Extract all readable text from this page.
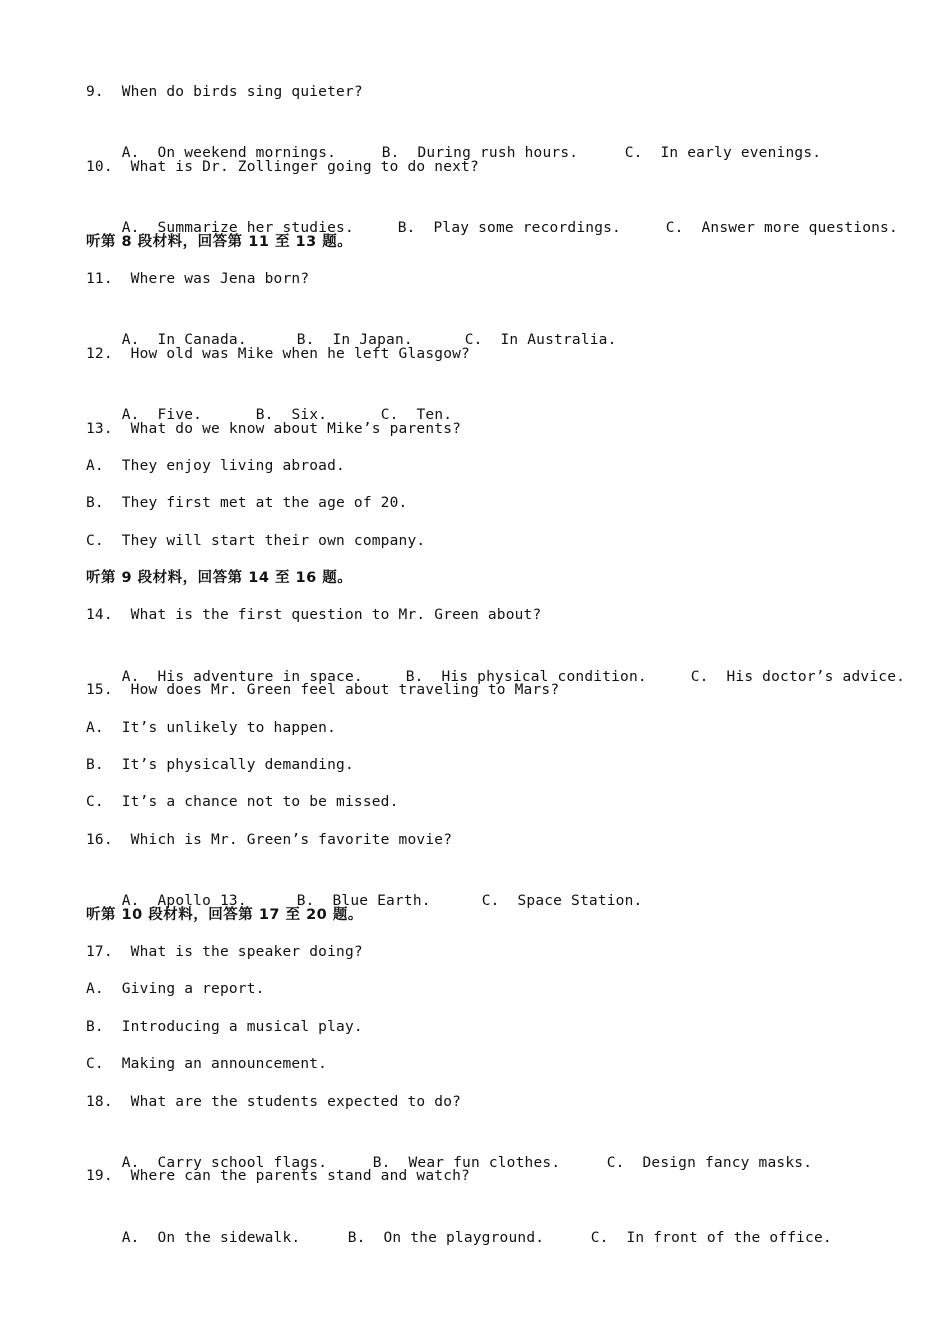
9.  When do birds sing quieter?

A.  On weekend mornings.	B.  During rush hours.	C.  In early evenings.

10.  What is Dr. Zollinger going to do next?

A.  Summarize her studies.	B.  Play some recordings.	C.  Answer more questions.

听第 8 段材料，回答第 11 至 13 题。
11.  Where was Jena born?

A.  In Canada.	B.  In Japan.	C.  In Australia.

12.  How old was Mike when he left Glasgow?

A.  Five.	B.  Six.	C.  Ten.

13.  What do we know about Mike’s parents?
A.  They enjoy living abroad.
B.  They first met at the age of 20.
C.  They will start their own company.
听第 9 段材料，回答第 14 至 16 题。
14.  What is the first question to Mr. Green about?

A.  His adventure in space.	B.  His physical condition.	C.  His doctor’s advice.

15.  How does Mr. Green feel about traveling to Mars?
A.  It’s unlikely to happen.
B.  It’s physically demanding.
C.  It’s a chance not to be missed.
16.  Which is Mr. Green’s favorite movie?

A.  Apollo 13.	B.  Blue Earth.	C.  Space Station.

听第 10 段材料，回答第 17 至 20 题。
17.  What is the speaker doing?
A.  Giving a report.
B.  Introducing a musical play.
C.  Making an announcement.
18.  What are the students expected to do?

A.  Carry school flags.	B.  Wear fun clothes.	C.  Design fancy masks.

19.  Where can the parents stand and watch?

A.  On the sidewalk.	B.  On the playground.	C.  In front of the office.
